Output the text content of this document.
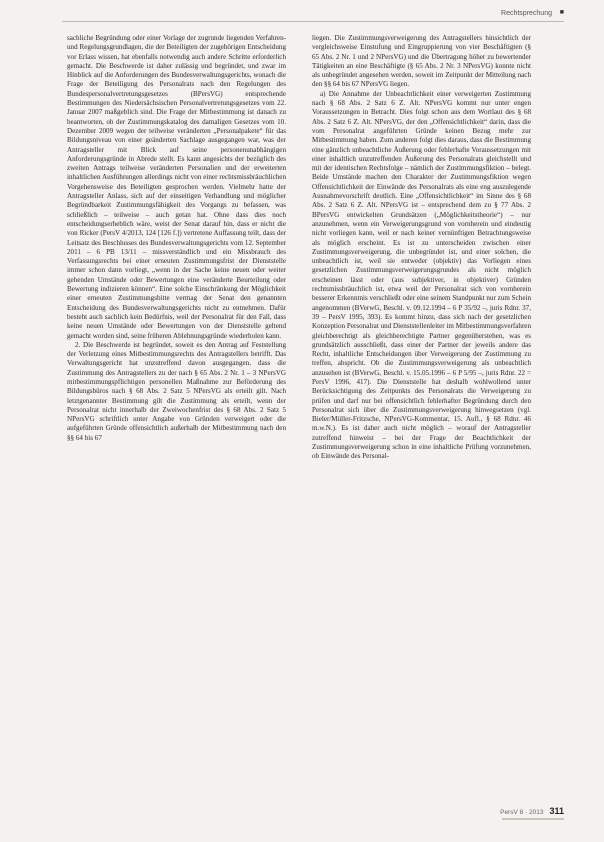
Rechtsprechung ■

sachliche Begründung oder einer Vorlage der zugrunde liegenden Verfahren- und Regelungsgrundlagen, die der Beteiligten der zugehörigen Entscheidung vor Erlass wissen, hat ebenfalls notwendig auch andere Schritte erforderlich gemacht. Die Beschwerde ist daher zulässig und begründet, und zwar im Hinblick auf die Anforderungen des Bundesverwaltungsgerichts, wonach die Frage der Beteiligung des Personalrats nach den Regelungen des Bundespersonalvertretungsgesetzes (BPersVG) entsprechende Bestimmungen des Niedersächsischen Personalvertretungsgesetzes vom 22. Januar 2007 maßgeblich sind. Die Frage der Mitbestimmung ist danach zu beantworten, ob der Zustimmungskatalog des damaligen Gesetzes vom 10. Dezember 2009 wegen der teilweise veränderten „Personalpakete“ für das Bildungsniveau von einer geänderten Sachlage ausgegangen war, was der Antragsteller mit Blick auf seine personenunabhängigen Anforderungsgründe in Abrede stellt. Es kann angesichts der bezüglich des zweiten Antrags teilweise veränderten Personalien und der erweiterten inhaltlichen Ausführungen allerdings nicht von einer rechtsmissbräuchlichen Vorgehensweise des Beteiligten gesprochen werden. Vielmehr hatte der Antragsteller Anlass, sich auf der einseitigen Verhandlung und möglicher Begründbarkeit Zustimmungsfähigkeit des Vorgangs zu befassen, was schließlich – teilweise – auch getan hat. Ohne dass dies noch entscheidungserheblich wäre, weist der Senat darauf hin, dass er nicht die von Ricker (PersV 4/2013, 124 [126 f.]) vertretene Auffassung teilt, dass der Leitsatz des Beschlusses des Bundesverwaltungsgerichts vom 12. September 2011 – 6 PB 13/11 – missverständlich und ein Missbrauch des Verfassungsrechts bei einer erneuten Zustimmungsfrist der Dienststelle immer schon dann vorliegt, „wenn in der Sache keine neuen oder weiter gehenden Umstände oder Bewertungen eine veränderte Beurteilung oder Bewertung indizieren können“. Eine solche Einschränkung der Möglichkeit einer erneuten Zustimmungsbitte vermag der Senat den genannten Entscheidung des Bundesverwaltungsgerichts nicht zu entnehmen. Dafür besteht auch sachlich kein Bedürfnis, weil der Personalrat für den Fall, dass keine neuen Umstände oder Bewertungen von der Dienststelle geltend gemacht worden sind, seine früheren Ablehnungsgründe wiederholen kann.

2. Die Beschwerde ist begründet, soweit es den Antrag auf Feststellung der Verletzung eines Mitbestimmungsrechts des Antragstellers betrifft. Das Verwaltungsgericht hat unzutreffend davon ausgegangen, dass die Zustimmung des Antragstellers zu der nach § 65 Abs. 2 Nr. 1 – 3 NPersVG mitbestimmungspflichtigen personellen Maßnahme zur Beförderung des Bildungsbüros nach § 68 Abs. 2 Satz 5 NPersVG als erteilt gilt. Nach letztgenannter Bestimmung gilt die Zustimmung als erteilt, wenn der Personalrat nicht innerhalb der Zweiwochenfrist des § 68 Abs. 2 Satz 5 NPersVG schriftlich unter Angabe von Gründen verweigert oder die aufgeführten Gründe offensichtlich außerhalb der Mitbestimmung nach den §§ 64 bis 67

liegen. Die Zustimmungsverweigerung des Antragstellers hinsichtlich der vergleichsweise Einstufung und Eingruppierung von vier Beschäftigten (§ 65 Abs. 2 Nr. 1 und 2 NPersVG) und die Übertragung höher zu bewertender Tätigkeiten an eine Beschäftigte (§ 65 Abs. 2 Nr. 3 NPersVG) konnte nicht als unbegründet angesehen werden, soweit im Zeitpunkt der Mitteilung nach den §§ 64 bis 67 NPersVG liegen.

a) Die Annahme der Unbeachtlichkeit einer verweigerten Zustimmung nach § 68 Abs. 2 Satz 6 Z. Alt. NPersVG kommt nur unter engen Voraussetzungen in Betracht. Dies folgt schon aus dem Wortlaut des § 68 Abs. 2 Satz 6 Z. Alt. NPersVG, der den „Offensichtlichkeit“ darin, dass die vom Personalrat angeführten Gründe keinen Bezug mehr zur Mitbestimmung haben. Zum anderen folgt dies daraus, dass die Bestimmung eine gänzlich unbeachtliche Äußerung oder fehlerhafte Voraussetzungen mit einer inhaltlich unzutreffenden Äußerung des Personalrats gleichstellt und mit der identischen Rechtsfolge – nämlich der Zustimmungsfiktion – belegt. Beide Umstände machen den Charakter der Zustimmungsfiktion wegen Offensichtlichkeit der Einwände des Personalrats als eine eng auszulegende Ausnahmevorschrift deutlich. Eine „Offensichtlichkeit“ im Sinne des § 68 Abs. 2 Satz 6 Z. Alt. NPersVG ist – entsprechend dem zu § 77 Abs. 2 BPersVG entwickelten Grundsätzen („Möglichkeitstheorie“) – nur anzunehmen, wenn ein Verweigerungsgrund von vornherein und eindeutig nicht vorliegen kann, weil er nach keiner vernünftigen Betrachtungsweise als möglich erscheint. Es ist zu unterscheiden zwischen einer Zustimmungsverweigerung, die unbegründet ist, und einer solchen, die unbeachtlich ist, weil sie entweder (objektiv) das Vorliegen eines gesetzlichen Zustimmungsverweigerungsgrundes als nicht möglich erscheinen lässt oder (aus subjektiver, in objektiver) Gründen rechtsmissbräuchlich ist, etwa weil der Personalrat sich von vornherein besserer Erkenntnis verschließt oder eine seinem Standpunkt nur zum Schein angenommen (BVerwG, Beschl. v. 09.12.1994 – 6 P 35/92 –, juris Rdnr. 37, 39 – PersV 1995, 393). Es kommt hinzu, dass sich nach der gesetzlichen Konzeption Personalrat und Dienststellenleiter im Mitbestimmungsverfahren gleichberechtigt als gleichberechtigte Partner gegenüberstehen, was es grundsätzlich ausschließt, dass einer der Partner der jeweils andere das Recht, inhaltliche Entscheidungen über Verweigerung der Zustimmung zu treffen, abspricht. Ob die Zustimmungsverweigerung als unbeachtlich anzusehen ist (BVerwG, Beschl. v. 15.05.1996 – 6 P 5/95 –, juris Rdnr. 22 = PersV 1996, 417). Die Dienststelle hat deshalb wohlwollend unter Berücksichtigung des Zeitpunkts des Personalrats die Verweigerung zu prüfen und darf nur bei offensichtlich fehlerhafter Begründung durch den Personalrat sich über die Zustimmungsverweigerung hinwegsetzen (vgl. Bieler/Müller-Fritzsche, NPersVG-Kommentar, 15. Aufl., § 68 Rdnr. 46 m.w.N.). Es ist daher auch nicht möglich – worauf der Antragsteller zutreffend hinweist – bei der Frage der Beachtlichkeit der Zustimmungsverweigerung schon in eine inhaltliche Prüfung vorzunehmen, ob Einwände des Personal-

PersV 8 · 2013 311
